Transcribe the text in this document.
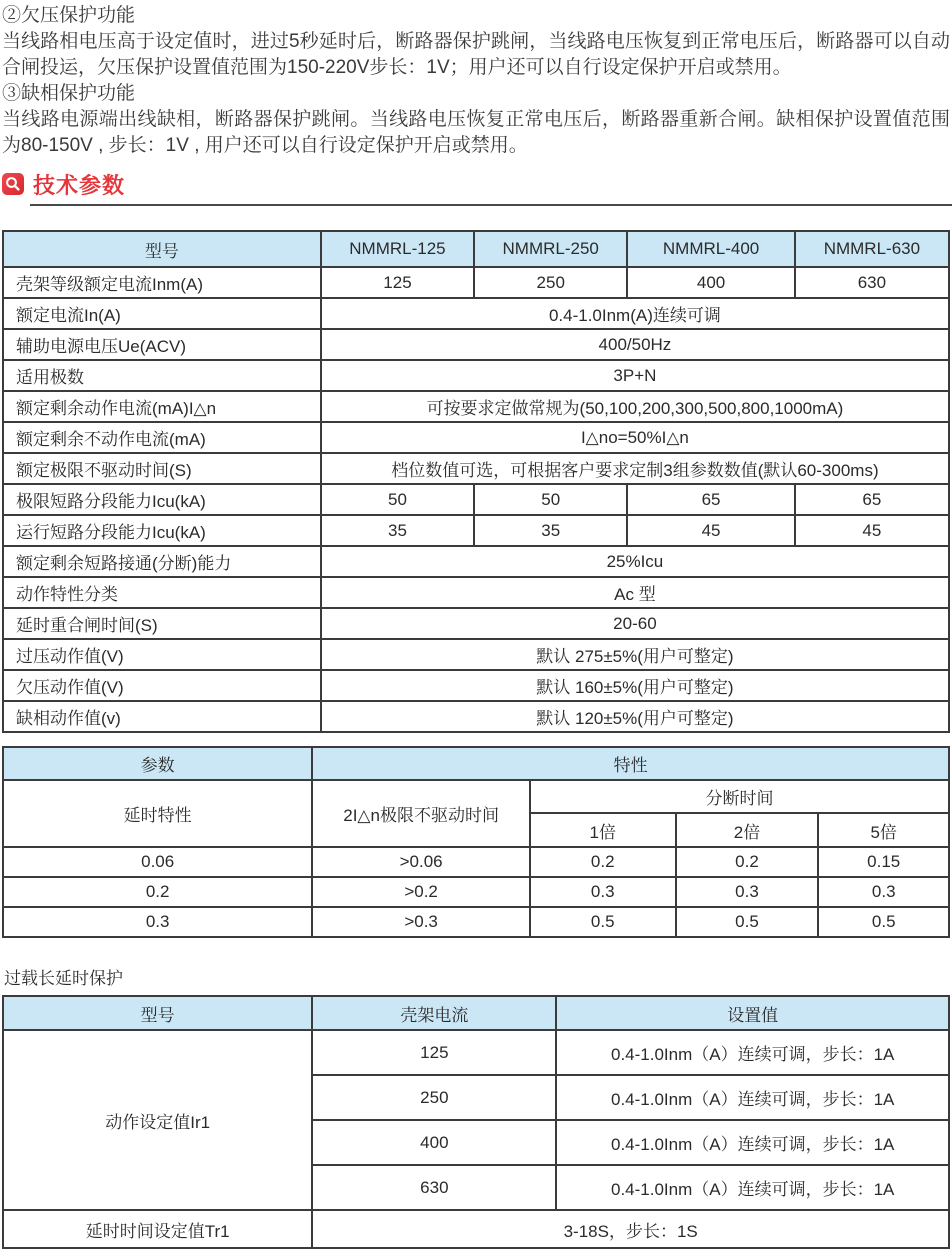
②欠压保护功能
当线路相电压高于设定值时，进过5秒延时后，断路器保护跳闸，当线路电压恢复到正常电压后，断路器可以自动合闸投运，欠压保护设置值范围为150-220V步长：1V；用户还可以自行设定保护开启或禁用。
③缺相保护功能
当线路电源端出线缺相，断路器保护跳闸。当线路电压恢复正常电压后，断路器重新合闸。缺相保护设置值范围为80-150V , 步长：1V , 用户还可以自行设定保护开启或禁用。
技术参数
型号	NMMRL-125	NMMRL-250	NMMRL-400	NMMRL-630
壳架等级额定电流Inm(A)	125	250	400	630
额定电流In(A)	0.4-1.0Inm(A)连续可调			
辅助电源电压Ue(ACV)	400/50Hz			
适用极数	3P+N			
额定剩余动作电流(mA)I△n	可按要求定做常规为(50,100,200,300,500,800,1000mA)			
额定剩余不动作电流(mA)	I△no=50%I△n			
额定极限不驱动时间(S)	档位数值可选，可根据客户要求定制3组参数数值(默认60-300ms)			
极限短路分段能力Icu(kA)	50	50	65	65
运行短路分段能力Icu(kA)	35	35	45	45
额定剩余短路接通(分断)能力	25%Icu			
动作特性分类	Ac 型			
延时重合闸时间(S)	20-60			
过压动作值(V)	默认 275±5%(用户可整定)			
欠压动作值(V)	默认 160±5%(用户可整定)			
缺相动作值(v)	默认 120±5%(用户可整定)			
参数	特性			
延时特性	2I△n极限不驱动时间	分断时间		
		1倍	2倍	5倍
0.06	>0.06	0.2	0.2	0.15
0.2	>0.2	0.3	0.3	0.3
0.3	>0.3	0.5	0.5	0.5
过载长延时保护
型号	壳架电流	设置值
动作设定值Ir1	125	0.4-1.0Inm（A）连续可调，步长：1A
	250	0.4-1.0Inm（A）连续可调，步长：1A
	400	0.4-1.0Inm（A）连续可调，步长：1A
	630	0.4-1.0Inm（A）连续可调，步长：1A
延时时间设定值Tr1	3-18S，步长：1S	
